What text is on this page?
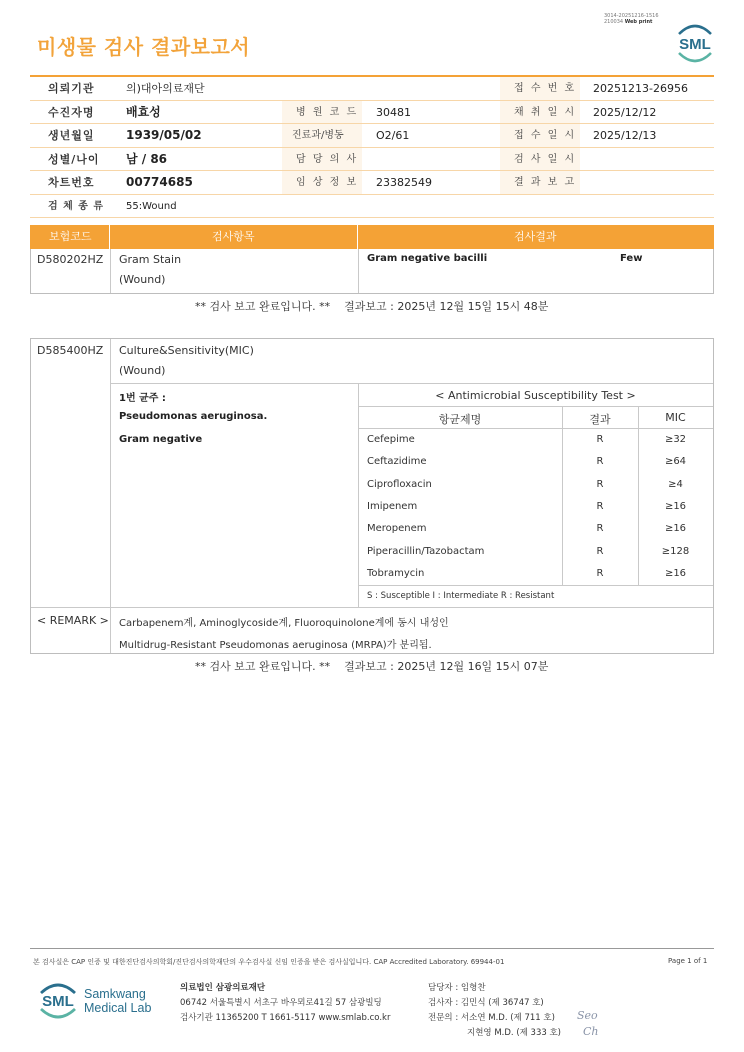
3014-20251216-1516
210034 Web print
미생물 검사 결과보고서	SML
의뢰기관	의)대아의료재단	접 수 번 호 20251213-26956
수진자명	배효성	병 원 코 드 30481	채 취 일 시 2025/12/12
생년월일	1939/05/02	진료과/병동	O2/61	접 수 일 시 2025/12/13
성별/나이 남 / 86	담 당 의 사	검 사 일 시
차트번호	00774685	임 상 정 보 23382549	결 과 보 고
검 체 종 류 55:Wound
보험코드	검사항목	검사결과
D580202HZ Gram Stain
(Wound)
Gram negative bacilli	Few
** 검사 보고 완료입니다. ** 결과보고 : 2025년 12월 15일 15시 48분
D585400HZ Culture&Sensitivity(MIC)
(Wound)
1번 균주 :
Pseudomonas aeruginosa.
Gram negative
< Antimicrobial Susceptibility Test >
항균제명	결과	MIC
Cefepime	R	≥32
Ceftazidime	R	≥64
Ciprofloxacin	R	≥4
Imipenem	R	≥16
Meropenem	R	≥16
Piperacillin/Tazobactam	R	≥128
Tobramycin	R	≥16
S : Susceptible I : Intermediate R : Resistant
< REMARK > Carbapenem계, Aminoglycoside계, Fluoroquinolone계에 동시 내성인
Multidrug-Resistant Pseudomonas aeruginosa (MRPA)가 분리됨.
** 검사 보고 완료입니다. ** 결과보고 : 2025년 12월 16일 15시 07분
본 검사실은 CAP 인증 및 대한진단검사의학회/진단검사의학재단의 우수검사실 신임 인증을 받은 검사실입니다. CAP Accredited Laboratory. 69944-01	Page 1 of 1
SML Samkwang
Medical Lab
의료법인 삼광의료재단
06742 서울특별시 서초구 바우뫼로41길 57 삼광빌딩
검사기관 11365200 T 1661-5117 www.smlab.co.kr
담당자 : 임형찬
검사자 : 김민식 (제 36747 호)
전문의 : 서소연 M.D. (제 711 호)
지현영 M.D. (제 333 호)
Seo
Ch
